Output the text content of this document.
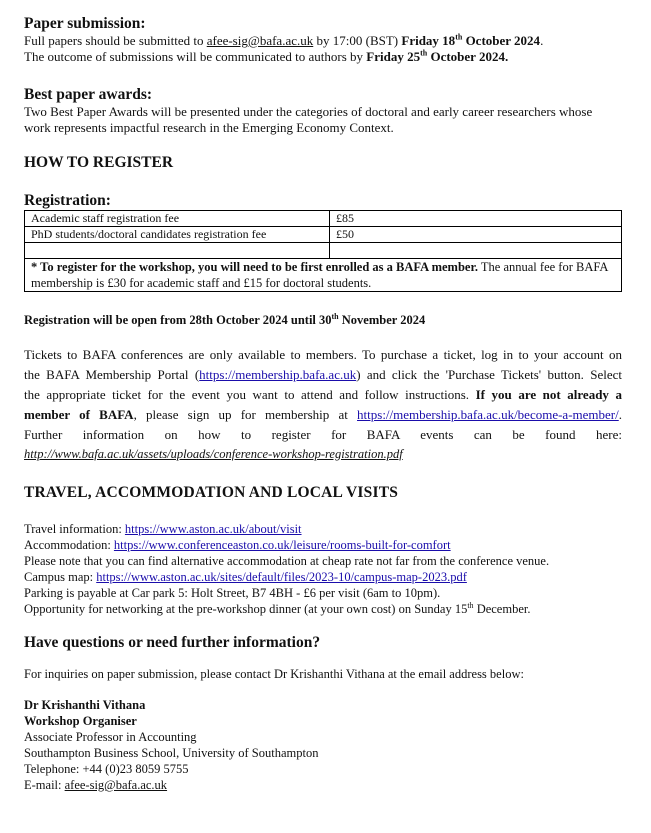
Paper submission:

Full papers should be submitted to afee-sig@bafa.ac.uk by 17:00 (BST) Friday 18th October 2024.

The outcome of submissions will be communicated to authors by Friday 25th October 2024.

Best paper awards:

Two Best Paper Awards will be presented under the categories of doctoral and early career researchers whose work represents impactful research in the Emerging Economy Context.

HOW TO REGISTER

Registration:

Academic staff registration fee	£85
PhD students/doctoral candidates registration fee	£50

* To register for the workshop, you will need to be first enrolled as a BAFA member. The annual fee for BAFA membership is £30 for academic staff and £15 for doctoral students.	

Registration will be open from 28th October 2024 until 30th November 2024

Tickets to BAFA conferences are only available to members. To purchase a ticket, log in to your account on

the BAFA Membership Portal (https://membership.bafa.ac.uk) and click the 'Purchase Tickets' button. Select

the appropriate ticket for the event you want to attend and follow instructions. If you are not already a

member of BAFA, please sign up for membership at https://membership.bafa.ac.uk/become-a-member/.

Further information on how to register for BAFA events can be found here:

http://www.bafa.ac.uk/assets/uploads/conference-workshop-registration.pdf

TRAVEL, ACCOMMODATION AND LOCAL VISITS

Travel information: https://www.aston.ac.uk/about/visit

Accommodation: https://www.conferenceaston.co.uk/leisure/rooms-built-for-comfort

Please note that you can find alternative accommodation at cheap rate not far from the conference venue.

Campus map: https://www.aston.ac.uk/sites/default/files/2023-10/campus-map-2023.pdf

Parking is payable at Car park 5: Holt Street, B7 4BH - £6 per visit (6am to 10pm).

Opportunity for networking at the pre-workshop dinner (at your own cost) on Sunday 15th December.

Have questions or need further information?

For inquiries on paper submission, please contact Dr Krishanthi Vithana at the email address below:

Dr Krishanthi Vithana

Workshop Organiser

Associate Professor in Accounting

Southampton Business School, University of Southampton

Telephone: +44 (0)23 8059 5755

E-mail: afee-sig@bafa.ac.uk
